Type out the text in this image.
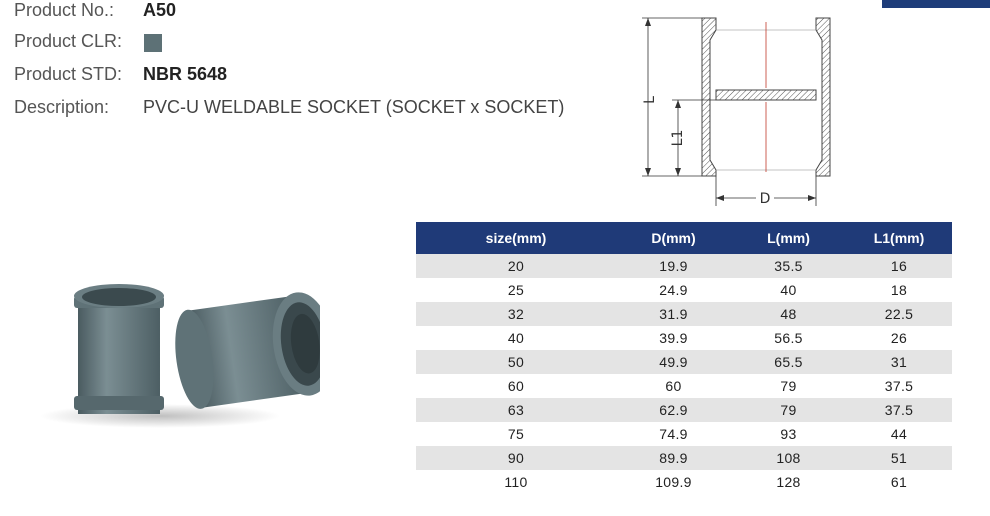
Product No.: A50
Product CLR:
Product STD: NBR 5648
Description: PVC-U WELDABLE SOCKET (SOCKET x SOCKET)	L
L1
D
size(mm)	D(mm)	L(mm)	L1(mm)
20	19.9	35.5	16
25	24.9	40	18
32	31.9	48	22.5
40	39.9	56.5	26
50	49.9	65.5	31
60	60	79	37.5
63	62.9	79	37.5
75	74.9	93	44
90	89.9	108	51
110	109.9	128	61
